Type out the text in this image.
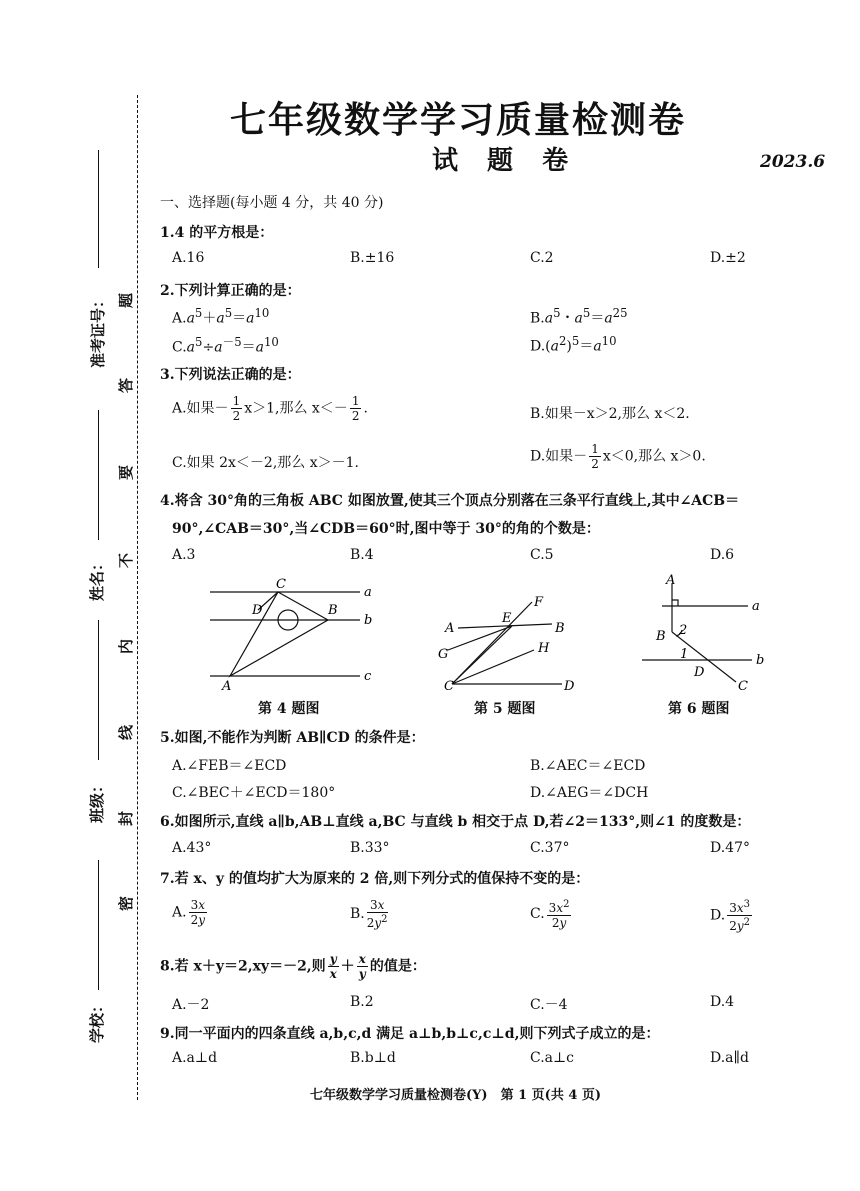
七年级数学学习质量检测卷
试 题 卷	2023.6
准考证号：
姓名：
班级：
学校：
题
答
要
不
内
线
封
密
一、选择题(每小题 4 分，共 40 分)
1.4 的平方根是：
A.16	B.±16	C.2	D.±2
2.下列计算正确的是：
$A.a^5+a^5=a^{10}$	$B.a^5$・$a^5=a^{25}$
$C.a^5\div a^{-5}=a^{10}$	$D.(a^2)^5=a^{10}$
3.下列说法正确的是：
A.如果－ $\frac{1}{2} x>1$,那么 $x<- \frac{1}{2}$ .	B.如果－x＞2,那么 x＜2.
C.如果 2x＜－2,那么 x＞－1.	D.如果－ $\frac{1}{2} x<0$,那么 x＞0.
4.将含 30°角的三角板 ABC 如图放置,使其三个顶点分别落在三条平行直线上,其中∠ACB＝
90°,∠CAB＝30°,当∠CDB＝60°时,图中等于 30°的角的个数是：
A.3	B.4	C.5	D.6
C
D	B
A
a
b
c
F
A
E
B
G	H
C	D
A
a
B 2
1
D
b
C
第 4 题图	第 5 题图	第 6 题图
5.如图,不能作为判断 AB∥CD 的条件是：
A.∠FEB＝∠ECD	B.∠AEC＝∠ECD
C.∠BEC＋∠ECD＝180°	D.∠AEG＝∠DCH
6.如图所示,直线 a∥b,AB⊥直线 a,BC 与直线 b 相交于点 D,若∠2＝133°,则∠1 的度数是：
A.43°	B.33°	C.37°	D.47°
7.若 x、y 的值均扩大为原来的 2 倍,则下列分式的值保持不变的是：
A. $\frac{3x}{2y}$	B. $\frac{3x}{2y^2}$	C. $\frac{3x^2}{2y}$	D. $\frac{3x^3}{2y^2}$
8.若 x＋y＝2,xy＝－2,则 $\frac{y}{x} + \frac{x}{y}$ 的值是：
A.－2	B.2	C.－4	D.4
9.同一平面内的四条直线 a,b,c,d 满足 a⊥b,b⊥c,c⊥d,则下列式子成立的是：
A.a⊥d	B.b⊥d	C.a⊥c	D.a∥d
七年级数学学习质量检测卷(Y)　第 1 页(共 4 页)
